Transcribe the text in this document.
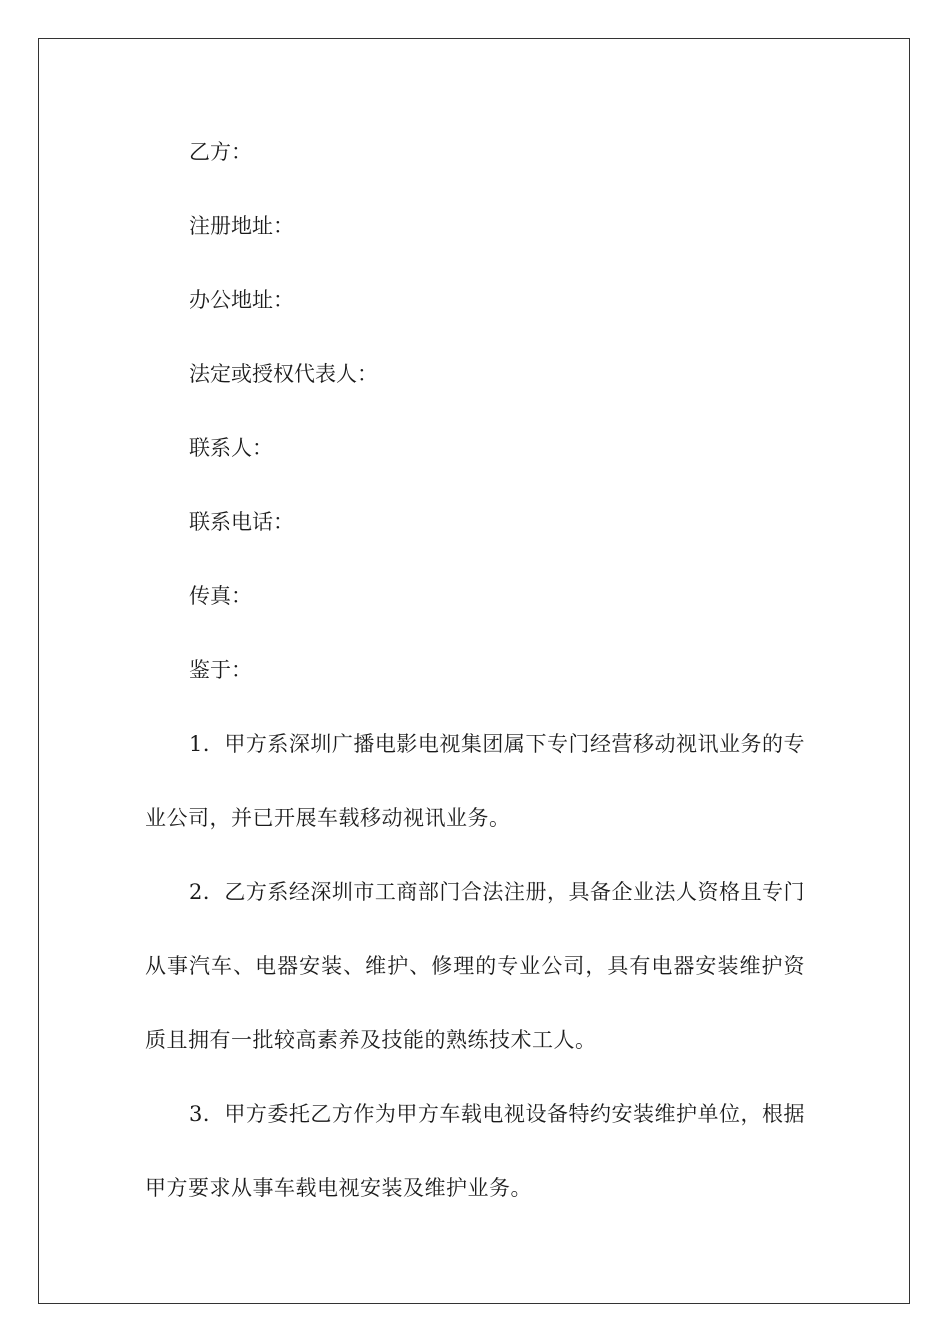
乙方：
注册地址：
办公地址：
法定或授权代表人：
联系人：
联系电话：
传真：
鉴于：

1．甲方系深圳广播电影电视集团属下专门经营移动视讯业务的专业公司，并已开展车载移动视讯业务。

2．乙方系经深圳市工商部门合法注册，具备企业法人资格且专门从事汽车、电器安装、维护、修理的专业公司，具有电器安装维护资质且拥有一批较高素养及技能的熟练技术工人。

3．甲方委托乙方作为甲方车载电视设备特约安装维护单位，根据甲方要求从事车载电视安装及维护业务。
